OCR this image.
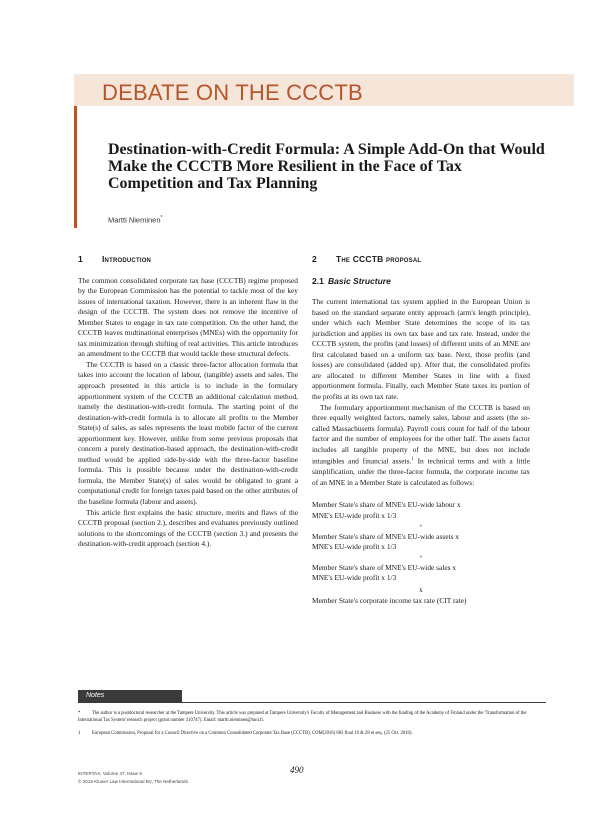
DEBATE ON THE CCCTB
Destination-with-Credit Formula: A Simple Add-On that Would Make the CCCTB More Resilient in the Face of Tax Competition and Tax Planning
Martti Nieminen*
1 Introduction

The common consolidated corporate tax base (CCCTB) regime proposed by the European Commission has the potential to tackle most of the key issues of international taxation. However, there is an inherent flaw in the design of the CCCTB. The system does not remove the incentive of Member States to engage in tax rate competition. On the other hand, the CCCTB leaves multinational enterprises (MNEs) with the opportunity for tax minimization through shifting of real activities. This article introduces an amendment to the CCCTB that would tackle these structural defects.

The CCCTB is based on a classic three-factor allocation formula that takes into account the location of labour, (tangible) assets and sales. The approach presented in this article is to include in the formulary apportionment system of the CCCTB an additional calculation method, namely the destination-with-credit formula. The starting point of the destination-with-credit formula is to allocate all profits to the Member State(s) of sales, as sales represents the least mobile factor of the current apportionment key. However, unlike from some previous proposals that concern a purely destination-based approach, the destination-with-credit method would be applied side-by-side with the three-factor baseline formula. This is possible because under the destination-with-credit formula, the Member State(s) of sales would be obligated to grant a computational credit for foreign taxes paid based on the other attributes of the baseline formula (labour and assets).

This article first explains the basic structure, merits and flaws of the CCCTB proposal (section 2.), describes and evaluates previously outlined solutions to the shortcomings of the CCCTB (section 3.) and presents the destination-with-credit approach (section 4.).

2 The CCCTB proposal
2.1 Basic Structure

The current international tax system applied in the European Union is based on the standard separate entity approach (arm's length principle), under which each Member State determines the scope of its tax jurisdiction and applies its own tax base and tax rate. Instead, under the CCCTB system, the profits (and losses) of different units of an MNE are first calculated based on a uniform tax base. Next, those profits (and losses) are consolidated (added up). After that, the consolidated profits are allocated to different Member States in line with a fixed apportionment formula. Finally, each Member State taxes its portion of the profits at its own tax rate.

The formulary apportionment mechanism of the CCCTB is based on three equally weighted factors, namely sales, labour and assets (the so-called Massachusetts formula). Payroll costs count for half of the labour factor and the number of employees for the other half. The assets factor includes all tangible property of the MNE, but does not include intangibles and financial assets.$^1$ In technical terms and with a little simplification, under the three-factor formula, the corporate income tax of an MNE in a Member State is calculated as follows:

Member State's share of MNE's EU-wide labour x
MNE's EU-wide profit x 1/3
+
Member State's share of MNE's EU-wide assets x
MNE's EU-wide profit x 1/3
+
Member State's share of MNE's EU-wide sales x
MNE's EU-wide profit x 1/3
x
Member State's corporate income tax rate (CIT rate)
Notes
* The author is a postdoctoral researcher at the Tampere University. This article was prepared at Tampere University's Faculty of Management and Business with the funding of the Academy of Finland under the 'Transformation of the International Tax System' research project (grant number 310747). Email: martti.nieminen@tuni.fi.
1 European Commission, Proposal for a Council Directive on a Common Consolidated Corporate Tax Base (CCCTB), COM(2016) 683 final 10 & 28 et seq. (25 Oct. 2016).
490
INTERTAX, Volume 47, Issue 5
© 2019 Kluwer Law International BV, The Netherlands
